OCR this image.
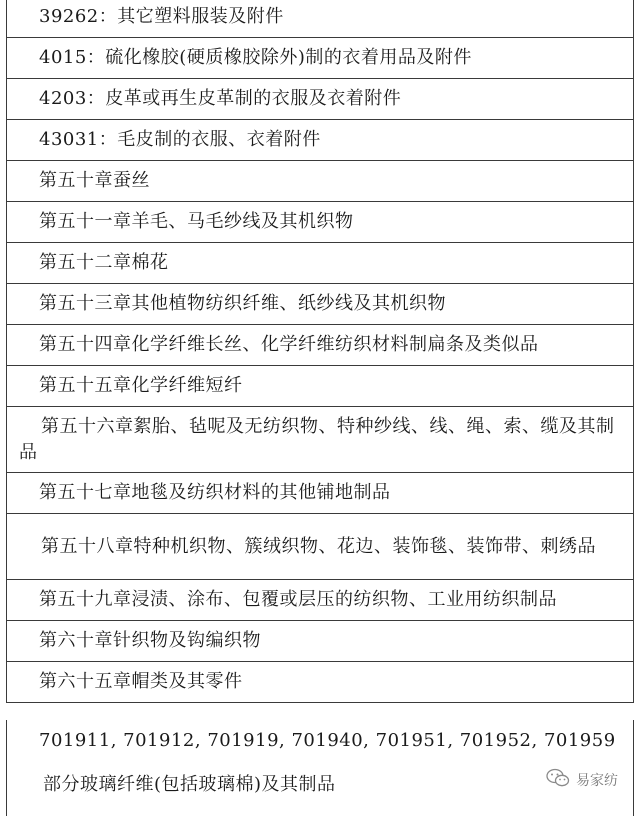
39262：其它塑料服装及附件
4015：硫化橡胶(硬质橡胶除外)制的衣着用品及附件
4203：皮革或再生皮革制的衣服及衣着附件
43031：毛皮制的衣服、衣着附件
第五十章蚕丝
第五十一章羊毛、马毛纱线及其机织物
第五十二章棉花
第五十三章其他植物纺织纤维、纸纱线及其机织物
第五十四章化学纤维长丝、化学纤维纺织材料制扁条及类似品
第五十五章化学纤维短纤
第五十六章絮胎、毡呢及无纺织物、特种纱线、线、绳、索、缆及其制品
第五十七章地毯及纺织材料的其他铺地制品
第五十八章特种机织物、簇绒织物、花边、装饰毯、装饰带、刺绣品
第五十九章浸渍、涂布、包覆或层压的纺织物、工业用纺织制品
第六十章针织物及钩编织物
第六十五章帽类及其零件
701911, 701912, 701919, 701940, 701951, 701952, 701959
部分玻璃纤维(包括玻璃棉)及其制品	易家纺
